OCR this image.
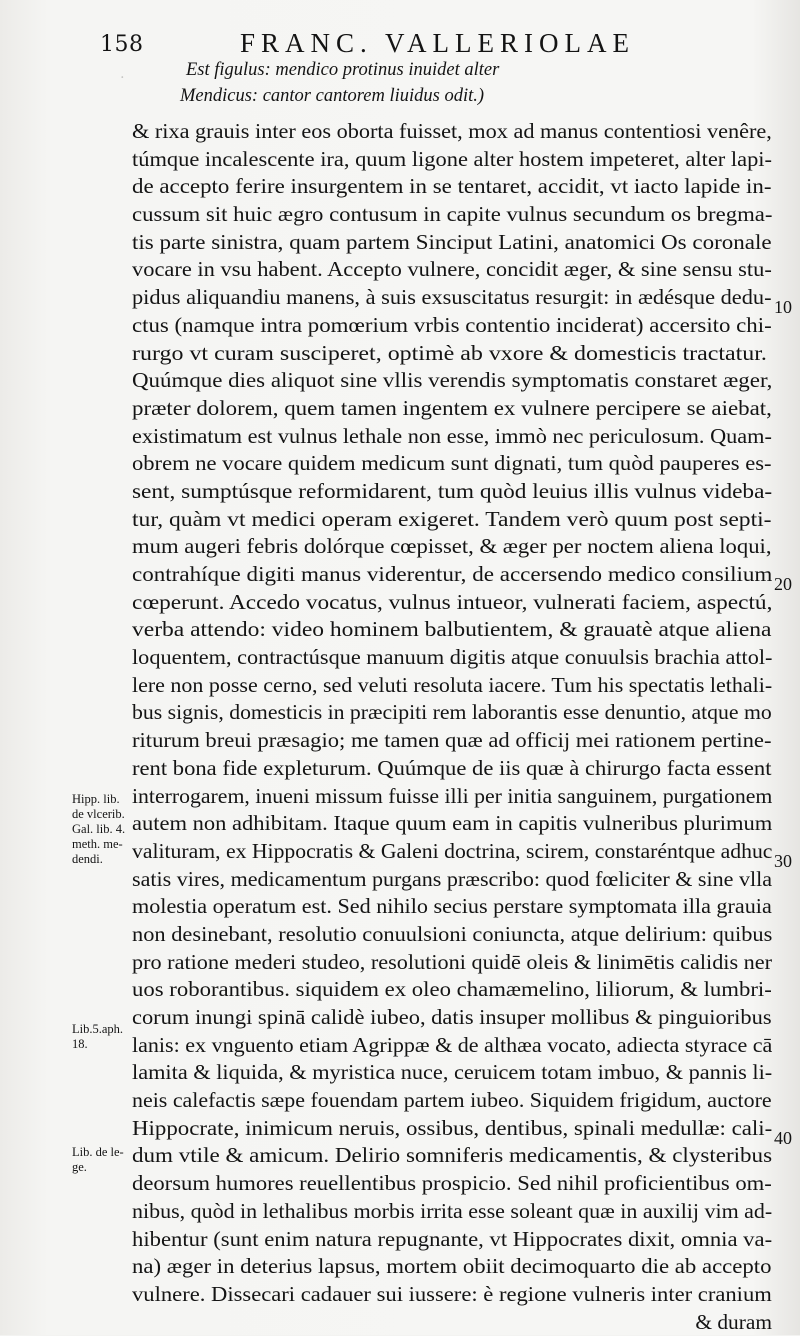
·
158	FRANC. VALLERIOLAE
Est figulus: mendico protinus inuidet alter
Mendicus: cantor cantorem liuidus odit.)
& rixa grauis inter eos oborta fuisset, mox ad manus contentiosi venêre,
túmque incalescente ira, quum ligone alter hostem impeteret, alter lapi-
de accepto ferire insurgentem in se tentaret, accidit, vt iacto lapide in-
cussum sit huic ægro contusum in capite vulnus secundum os bregma-
tis parte sinistra, quam partem Sinciput Latini, anatomici Os coronale
vocare in vsu habent. Accepto vulnere, concidit æger, & sine sensu stu-
pidus aliquandiu manens, à suis exsuscitatus resurgit: in ædésque dedu-
ctus (namque intra pomœrium vrbis contentio inciderat) accersito chi-
rurgo vt curam susciperet, optimè ab vxore & domesticis tractatur.
Quúmque dies aliquot sine vllis verendis symptomatis constaret æger,
præter dolorem, quem tamen ingentem ex vulnere percipere se aiebat,
existimatum est vulnus lethale non esse, immò nec periculosum. Quam-
obrem ne vocare quidem medicum sunt dignati, tum quòd pauperes es-
sent, sumptúsque reformidarent, tum quòd leuius illis vulnus videba-
tur, quàm vt medici operam exigeret. Tandem verò quum post septi-
mum augeri febris dolórque cœpisset, & æger per noctem aliena loqui,
contrahíque digiti manus viderentur, de accersendo medico consilium
cœperunt. Accedo vocatus, vulnus intueor, vulnerati faciem, aspectú,
verba attendo: video hominem balbutientem, & grauatè atque aliena
loquentem, contractúsque manuum digitis atque conuulsis brachia attol-
lere non posse cerno, sed veluti resoluta iacere. Tum his spectatis lethali-
bus signis, domesticis in præcipiti rem laborantis esse denuntio, atque mo
riturum breui præsagio; me tamen quæ ad officij mei rationem pertine-
rent bona fide expleturum. Quúmque de iis quæ à chirurgo facta essent
interrogarem, inueni missum fuisse illi per initia sanguinem, purgationem
autem non adhibitam. Itaque quum eam in capitis vulneribus plurimum
valituram, ex Hippocratis & Galeni doctrina, scirem, constaréntque adhuc
satis vires, medicamentum purgans præscribo: quod fœliciter & sine vlla
molestia operatum est. Sed nihilo secius perstare symptomata illa grauia
non desinebant, resolutio conuulsioni coniuncta, atque delirium: quibus
pro ratione mederi studeo, resolutioni quidē oleis & linimētis calidis ner
uos roborantibus. siquidem ex oleo chamæmelino, liliorum, & lumbri-
corum inungi spinā calidè iubeo, datis insuper mollibus & pinguioribus
lanis: ex vnguento etiam Agrippæ & de althæa vocato, adiecta styrace cā
lamita & liquida, & myristica nuce, ceruicem totam imbuo, & pannis li-
neis calefactis sæpe fouendam partem iubeo. Siquidem frigidum, auctore
Hippocrate, inimicum neruis, ossibus, dentibus, spinali medullæ: cali-
dum vtile & amicum. Delirio somniferis medicamentis, & clysteribus
deorsum humores reuellentibus prospicio. Sed nihil proficientibus om-
nibus, quòd in lethalibus morbis irrita esse soleant quæ in auxilij vim ad-
hibentur (sunt enim natura repugnante, vt Hippocrates dixit, omnia va-
na) æger in deterius lapsus, mortem obiit decimoquarto die ab accepto
vulnere. Dissecari cadauer sui iussere: è regione vulneris inter cranium
& duram
10
20
30
40
Hipp. lib.
de vlcerib.
Gal. lib. 4.
meth. me-
dendi.
Lib.5.aph.
18.
Lib. de le-
ge.
